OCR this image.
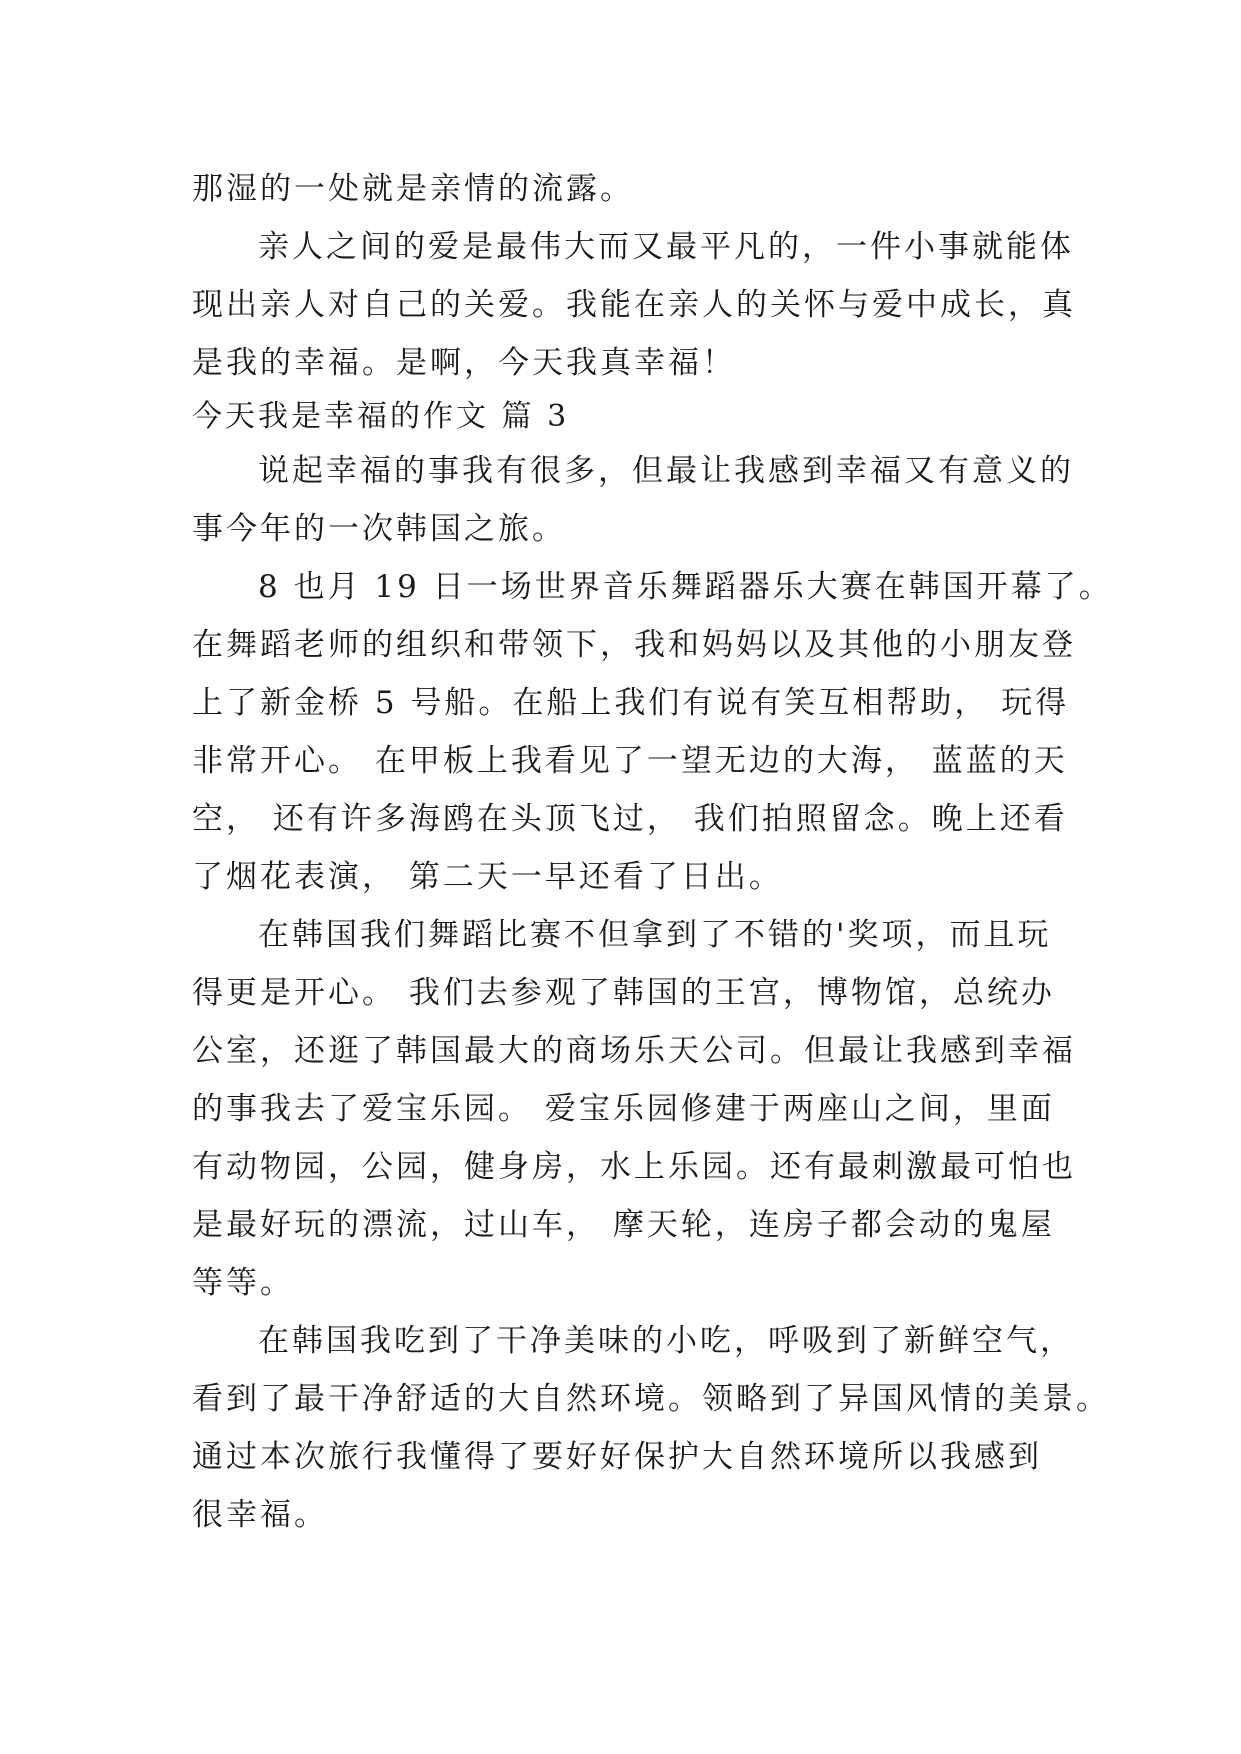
那湿的一处就是亲情的流露。
亲人之间的爱是最伟大而又最平凡的，一件小事就能体
现出亲人对自己的关爱。我能在亲人的关怀与爱中成长，真
是我的幸福。是啊，今天我真幸福！
今天我是幸福的作文 篇 3
说起幸福的事我有很多，但最让我感到幸福又有意义的
事今年的一次韩国之旅。
8 也月 19 日一场世界音乐舞蹈器乐大赛在韩国开幕了。
在舞蹈老师的组织和带领下，我和妈妈以及其他的小朋友登
上了新金桥 5 号船。在船上我们有说有笑互相帮助， 玩得
非常开心。 在甲板上我看见了一望无边的大海， 蓝蓝的天
空， 还有许多海鸥在头顶飞过， 我们拍照留念。晚上还看
了烟花表演， 第二天一早还看了日出。
在韩国我们舞蹈比赛不但拿到了不错的'奖项，而且玩
得更是开心。 我们去参观了韩国的王宫，博物馆，总统办
公室，还逛了韩国最大的商场乐天公司。但最让我感到幸福
的事我去了爱宝乐园。 爱宝乐园修建于两座山之间，里面
有动物园，公园，健身房，水上乐园。还有最刺激最可怕也
是最好玩的漂流，过山车， 摩天轮，连房子都会动的鬼屋
等等。
在韩国我吃到了干净美味的小吃，呼吸到了新鲜空气，
看到了最干净舒适的大自然环境。领略到了异国风情的美景。
通过本次旅行我懂得了要好好保护大自然环境所以我感到
很幸福。
